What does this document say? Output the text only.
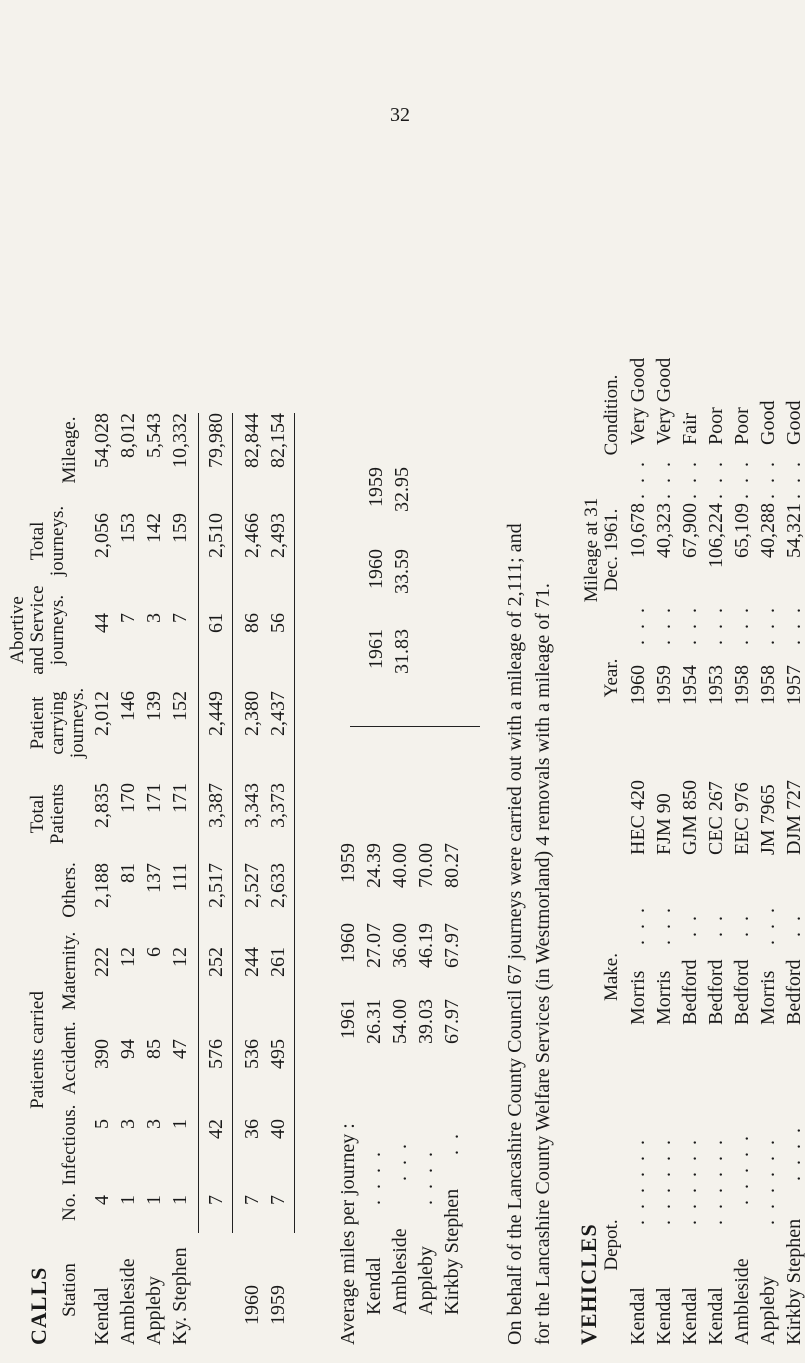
32
CALLS Station
No.
Patients carried
Infectious.
Accident.
Maternity.
Others.
Total Patients
Patient carrying journeys.
Abortive and Service journeys.
Total journeys.
Mileage.
Kendal
4
5
390
222
2,188
2,835
2,012
44
2,056
54,028
Ambleside
1
3
94
12
81
170
146
7
153
8,012
Appleby
1
3
85
6
137
171
139
3
142
5,543
Ky. Stephen
1
1
47
12
111
171
152
7
159
10,332
7
42
576
252
2,517
3,387
2,449
61
2,510
79,980
1960
7
36
536
244
2,527
3,343
2,380
86
2,466
82,844
1959
7
40
495
261
2,633
3,373
2,437
56
2,493
82,154
Average miles per journey :
1961
1960
1959
Kendal
. . . .
26.31
27.07
24.39
Ambleside
. . .
54.00
36.00
40.00
Appleby
. . . .
39.03
46.19
70.00
Kirkby Stephen
. .
67.97
67.97
80.27
1961
1960
1959
31.83
33.59
32.95
On behalf of the Lancashire County Council 67 journeys were carried out with a mileage of 2,111; and for the Lancashire County Welfare Services (in Westmorland) 4 removals with a mileage of 71. VEHICLES Depot.
Make.
Year.
Mileage at 31 Dec. 1961.
Condition.
Kendal
. . . . . .
Morris
. . .
HEC 420
1960
. . .
10,678
. . .
Very Good
Kendal
. . . . . .
Morris
. . .
FJM 90
1959
. . .
40,323
. . .
Very Good
Kendal
. . . . . .
Bedford
. .
GJM 850
1954
. . .
67,900
. . .
Fair
Kendal
. . . . . .
Bedford
. .
CEC 267
1953
. . .
106,224
. . .
Poor
Ambleside
. . . . .
Bedford
. .
EEC 976
1958
. . .
65,109
. . .
Poor
Appleby
. . . . . .
Morris
. . .
JM 7965
1958
. . .
40,288
. . .
Good
Kirkby Stephen
. . . .
Bedford
. .
DJM 727
1957
. . .
54,321
. . .
Good
